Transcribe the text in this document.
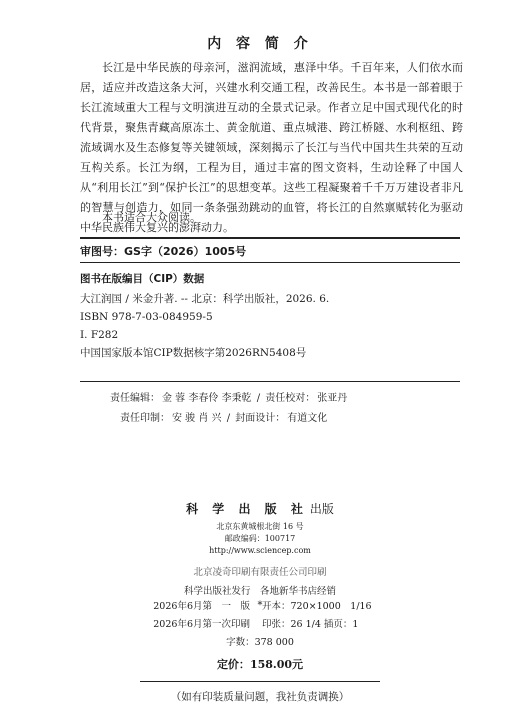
内 容 简 介

长江是中华民族的母亲河，滋润流域，惠泽中华。千百年来，人们依水而居，适应并改造这条大河，兴建水利交通工程，改善民生。本书是一部着眼于长江流域重大工程与文明演进互动的全景式记录。作者立足中国式现代化的时代背景，聚焦青藏高原冻土、黄金航道、重点城港、跨江桥隧、水利枢纽、跨流域调水及生态修复等关键领域，深刻揭示了长江与当代中国共生共荣的互动互构关系。长江为纲，工程为目，通过丰富的图文资料，生动诠释了中国人从“利用长江”到“保护长江”的思想变革。这些工程凝聚着千千万万建设者非凡的智慧与创造力，如同一条条强劲跳动的血管，将长江的自然禀赋转化为驱动中华民族伟大复兴的澎湃动力。

本书适合大众阅读。
审图号：GS字（2026）1005号
图书在版编目（CIP）数据
大江润国 / 米金升著. -- 北京：科学出版社，2026. 6.
ISBN 978-7-03-084959-5
Ⅰ. F282
中国国家版本馆CIP数据核字第2026RN5408号
责任编辑： 金 蓉 李春伶 李秉乾 / 责任校对： 张亚丹
责任印制： 安 骏 肖 兴 / 封面设计： 有道文化
科 学 出 版 社 出版
北京东黄城根北街 16 号
邮政编码：100717
http://www.sciencep.com
北京凌奇印刷有限责任公司印刷
科学出版社发行　各地新华书店经销
*
2026年6月第　一　版 开本：720×1000　1/16
2026年6月第一次印刷 印张：26 1/4 插页：1
字数：378 000
定价：158.00元
（如有印装质量问题，我社负责调换）
